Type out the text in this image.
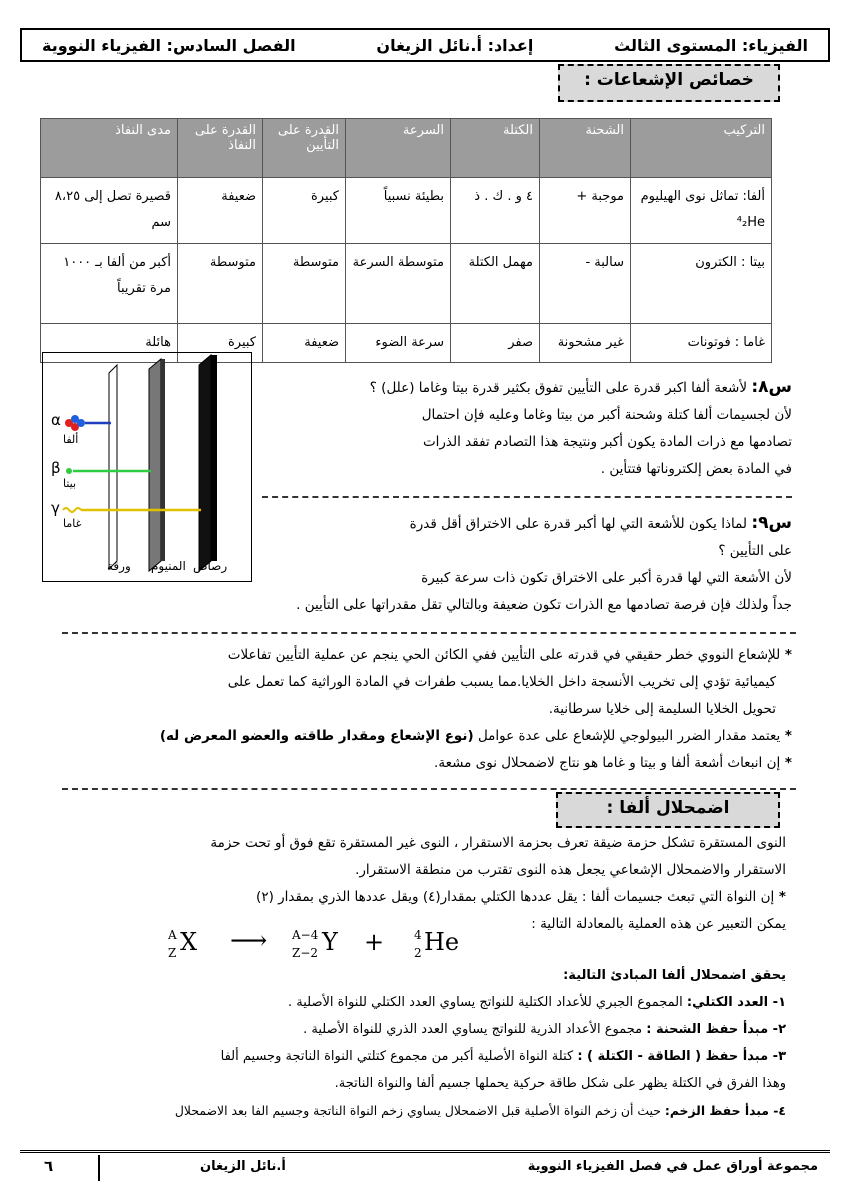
الفصل السادس: الفيزياء النووية	إعداد: أ.نائل الزيغان	الفيزياء: المستوى الثالث
خصائص الإشعاعات :
التركيب	الشحنة	الكتلة	السرعة	القدرة على التأيين	القدرة على النفاذ	مدى النفاذ
ألفا: تماثل نوى الهيليوم ⁴₂He	موجبة +	٤ و . ك . ذ	بطيئة نسبياً	كبيرة	ضعيفة	قصيرة تصل إلى ٨،٢٥ سم
بيتا : الكترون	سالبة -	مهمل الكتلة	متوسطة السرعة	متوسطة	متوسطة	أكبر من ألفا بـ ١٠٠٠ مرة تقريباً
غاما : فوتونات	غير مشحونة	صفر	سرعة الضوء	ضعيفة	كبيرة	هائلة
α
ألفا
β
بيتا
γ
غاما
ورقة المنيوم رصاص
س٨: لأشعة ألفا اكبر قدرة على التأيين تفوق بكثير قدرة بيتا وغاما (علل) ؟
لأن لجسيمات ألفا كتلة وشحنة أكبر من بيتا وغاما وعليه فإن احتمال
تصادمها مع ذرات المادة يكون أكبر ونتيجة هذا التصادم تفقد الذرات
في المادة بعض إلكتروناتها فتتأين .
س٩: لماذا يكون للأشعة التي لها أكبر قدرة على الاختراق أقل قدرة
على التأيين ؟
لأن الأشعة التي لها قدرة أكبر على الاختراق تكون ذات سرعة كبيرة
جداً ولذلك فإن فرصة تصادمها مع الذرات تكون ضعيفة وبالتالي تقل مقدراتها على التأيين .
* للإشعاع النووي خطر حقيقي في قدرته على التأيين ففي الكائن الحي ينجم عن عملية التأيين تفاعلات
كيميائية تؤدي إلى تخريب الأنسجة داخل الخلايا.مما يسبب طفرات في المادة الوراثية كما تعمل على
تحويل الخلايا السليمة إلى خلايا سرطانية.
* يعتمد مقدار الضرر البيولوجي للإشعاع على عدة عوامل (نوع الإشعاع ومقدار طاقته والعضو المعرض له)
* إن انبعاث أشعة ألفا و بيتا و غاما هو نتاج لاضمحلال نوى مشعة.
اضمحلال ألفا :
النوى المستقرة تشكل حزمة ضيقة تعرف بحزمة الاستقرار ، النوى غير المستقرة تقع فوق أو تحت حزمة
الاستقرار والاضمحلال الإشعاعي يجعل هذه النوى تقترب من منطقة الاستقرار.
* إن النواة التي تبعث جسيمات ألفا : يقل عددها الكتلي بمقدار(٤) ويقل عددها الذري بمقدار (٢)
يمكن التعبير عن هذه العملية بالمعادلة التالية :
A
Z X ⟶ A−4
Z−2 Y + 4
2 He
يحقق اضمحلال ألفا المبادئ التالية:
١- العدد الكتلي: المجموع الجبري للأعداد الكتلية للنواتج يساوي العدد الكتلي للنواة الأصلية .
٢- مبدأ حفظ الشحنة : مجموع الأعداد الذرية للنواتج يساوي العدد الذري للنواة الأصلية .
٣- مبدأ حفظ ( الطاقة - الكتلة ) : كتلة النواة الأصلية أكبر من مجموع كتلتي النواة الناتجة وجسيم ألفا
وهذا الفرق في الكتلة يظهر على شكل طاقة حركية يحملها جسيم ألفا والنواة الناتجة.
٤- مبدأ حفظ الزخم: حيث أن زخم النواة الأصلية قبل الاضمحلال يساوي زخم النواة الناتجة وجسيم الفا بعد الاضمحلال
مجموعة أوراق عمل في فصل الفيزياء النووية
أ.نائل الزيغان
٦
